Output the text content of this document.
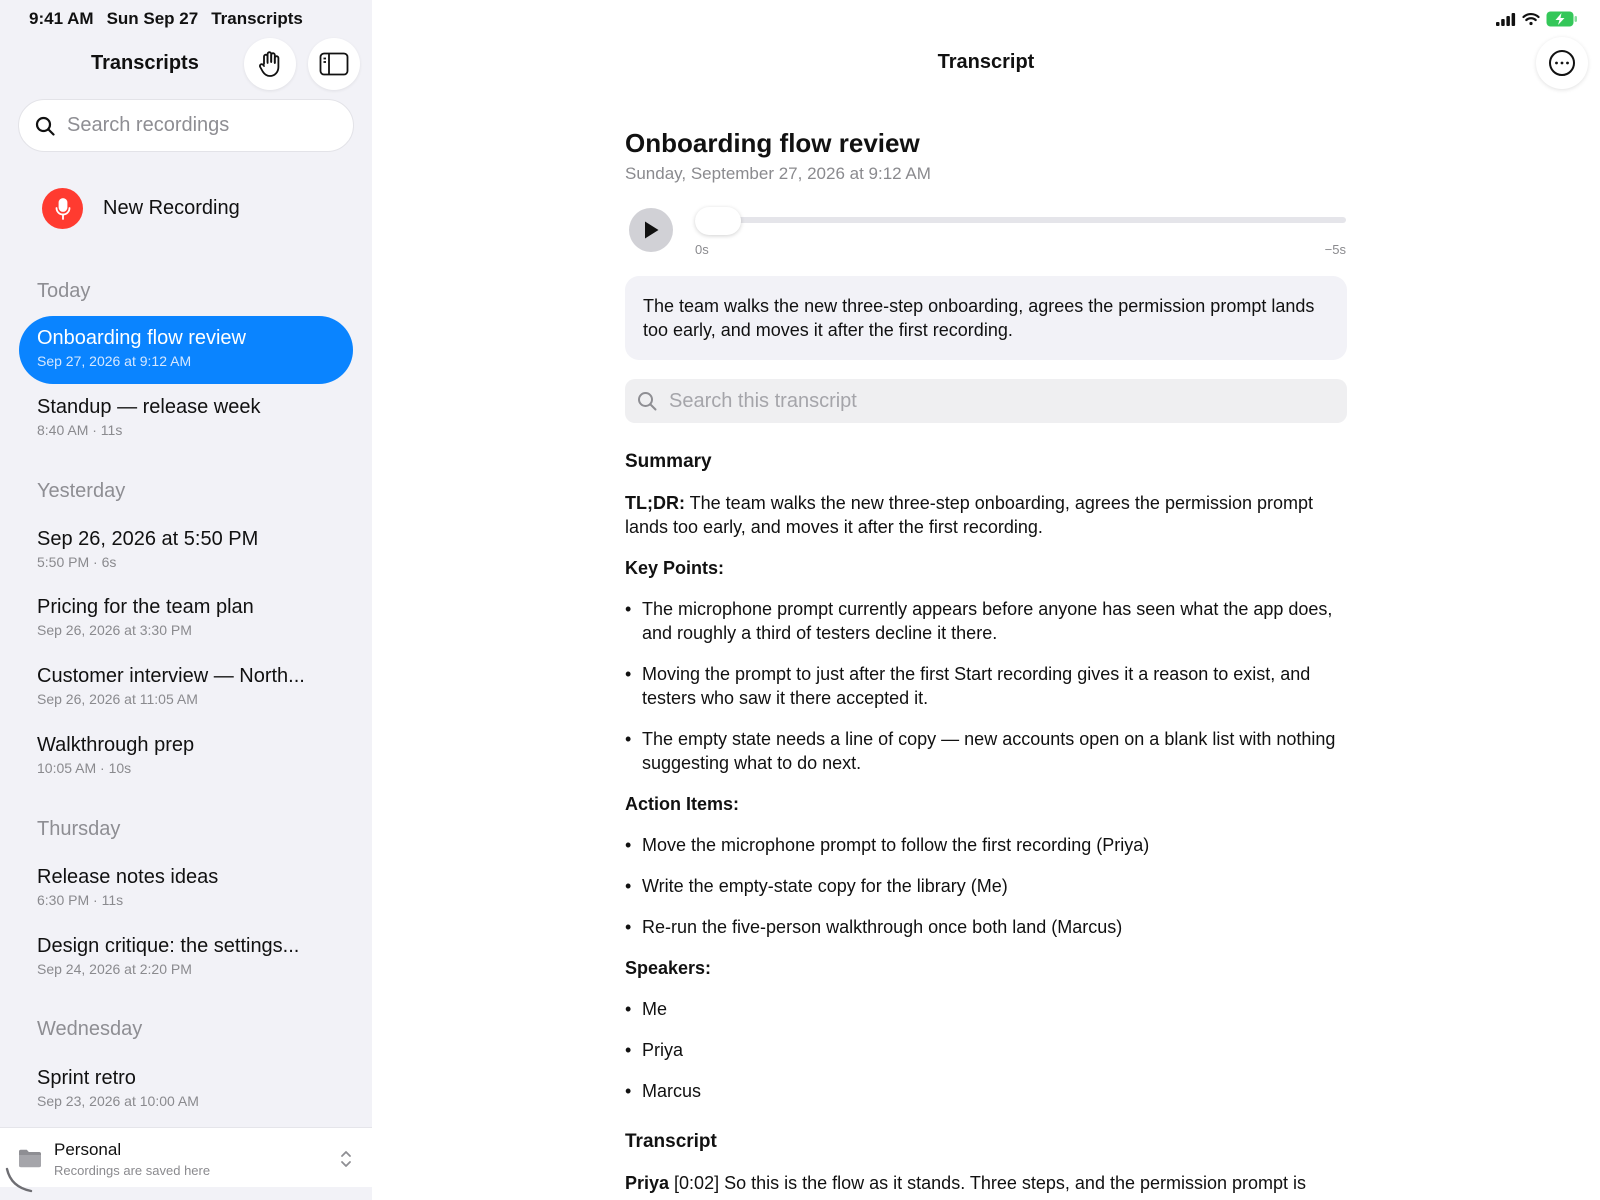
9:41 AM Sun Sep 27 Transcripts
Transcripts
Search recordings
New Recording
Today
Onboarding flow review
Sep 27, 2026 at 9:12 AM
Standup — release week
8:40 AM · 11s
Yesterday
Sep 26, 2026 at 5:50 PM
5:50 PM · 6s
Pricing for the team plan
Sep 26, 2026 at 3:30 PM
Customer interview — North...
Sep 26, 2026 at 11:05 AM
Walkthrough prep
10:05 AM · 10s
Thursday
Release notes ideas
6:30 PM · 11s
Design critique: the settings...
Sep 24, 2026 at 2:20 PM
Wednesday
Sprint retro
Sep 23, 2026 at 10:00 AM
Personal
Recordings are saved here
Transcript
Onboarding flow review
Sunday, September 27, 2026 at 9:12 AM
0s	−5s
The team walks the new three-step onboarding, agrees the permission prompt lands too early, and moves it after the first recording.
Search this transcript
Summary

TL;DR: The team walks the new three-step onboarding, agrees the permission prompt lands too early, and moves it after the first recording.

Key Points:

• The microphone prompt currently appears before anyone has seen what the app does, and roughly a third of testers decline it there.
• Moving the prompt to just after the first Start recording gives it a reason to exist, and testers who saw it there accepted it.
• The empty state needs a line of copy — new accounts open on a blank list with nothing suggesting what to do next.

Action Items:

• Move the microphone prompt to follow the first recording (Priya)
• Write the empty-state copy for the library (Me)
• Re-run the five-person walkthrough once both land (Marcus)

Speakers:

• Me
• Priya
• Marcus
Transcript

Priya [0:02] So this is the flow as it stands. Three steps, and the permission prompt is
